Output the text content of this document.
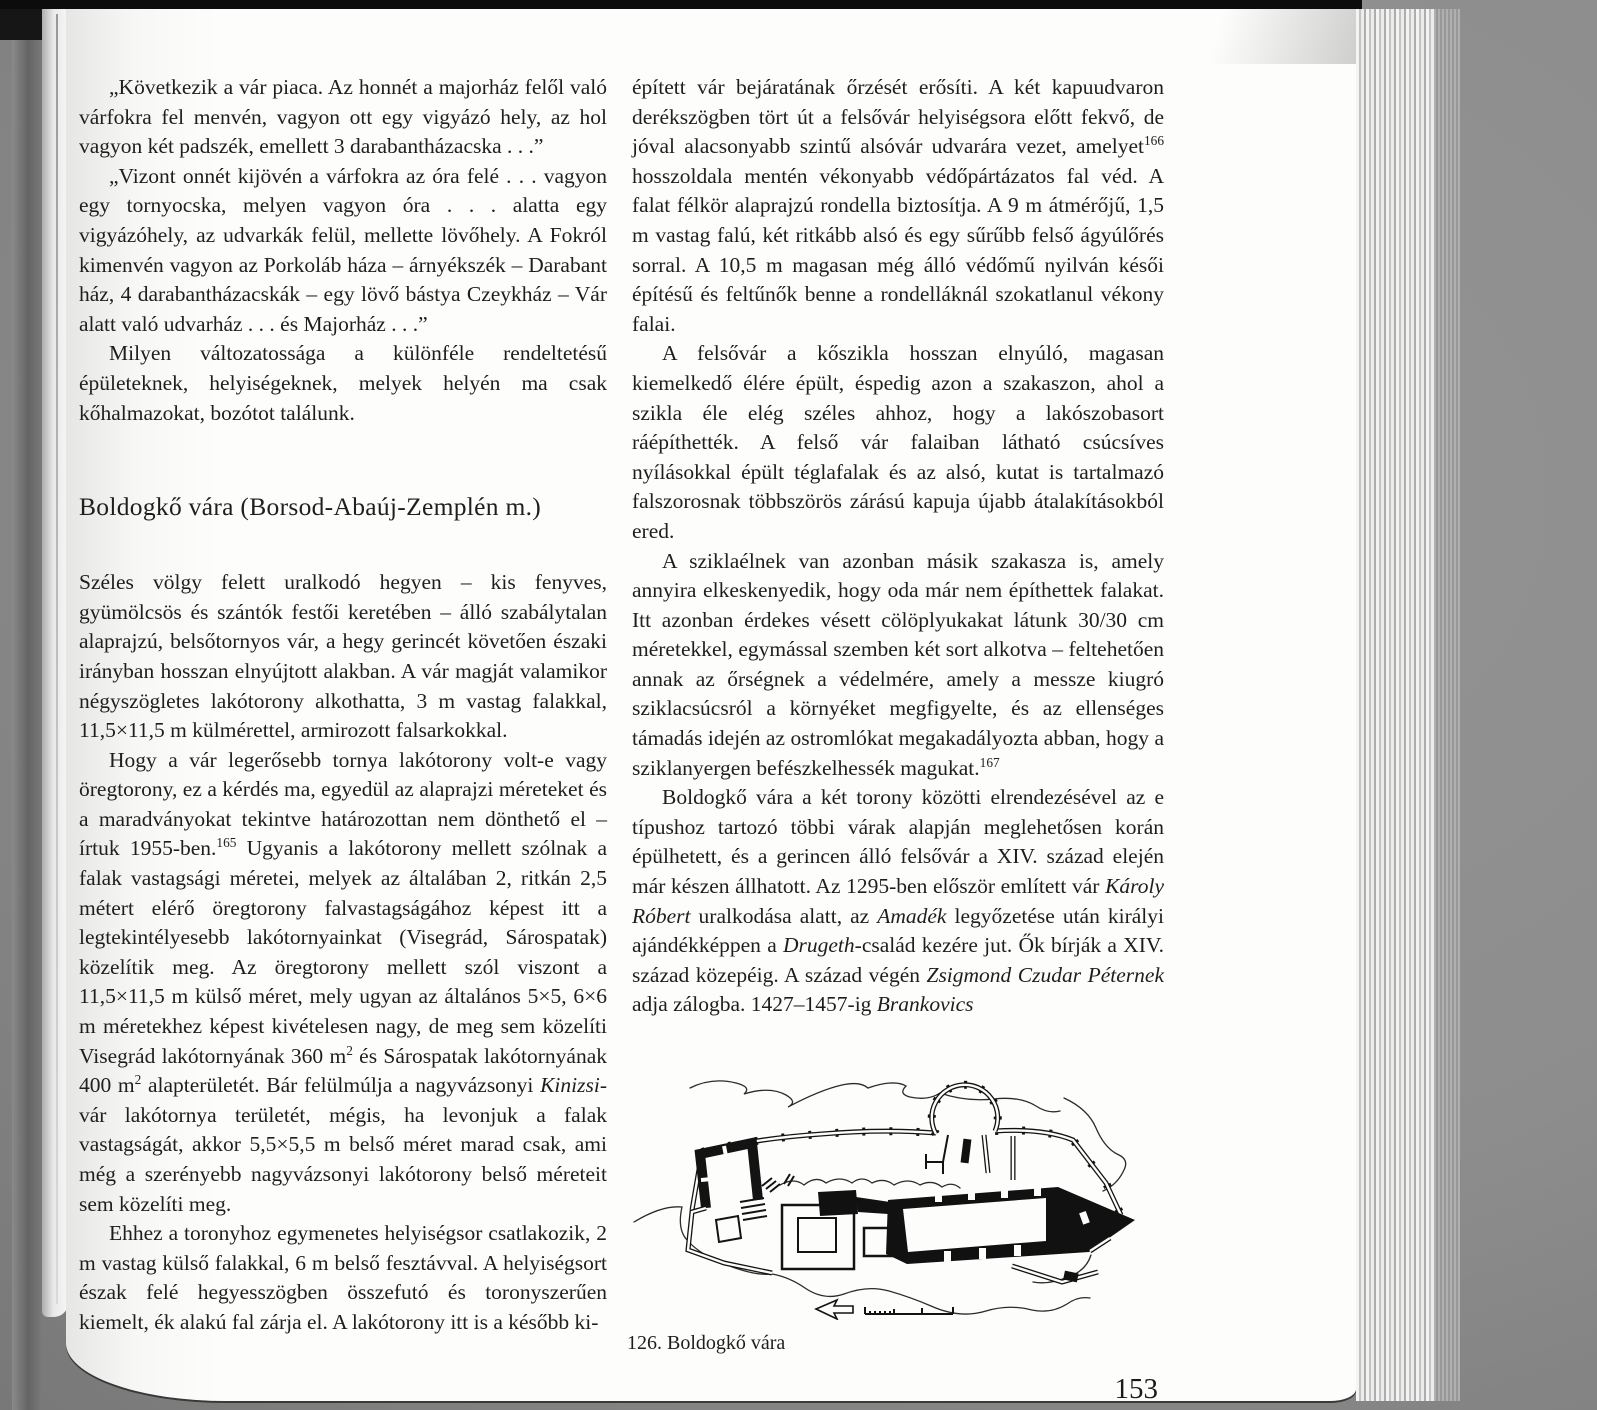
„Következik a vár piaca. Az honnét a majorház felől való várfokra fel menvén, vagyon ott egy vigyázó hely, az hol vagyon két padszék, emellett 3 darabantházacska . . .”

„Vizont onnét kijövén a várfokra az óra felé . . . vagyon egy tornyocska, melyen vagyon óra . . . alatta egy vigyázóhely, az udvarkák felül, mellette lövőhely. A Fokról kimenvén vagyon az Porkoláb háza – árnyékszék – Darabant ház, 4 darabantházacskák – egy lövő bástya Czeykház – Vár alatt való udvarház . . . és Majorház . . .”

Milyen változatossága a különféle rendeltetésű épületeknek, helyiségeknek, melyek helyén ma csak kőhalmazokat, bozótot találunk.

Boldogkő vára (Borsod-Abaúj-Zemplén m.)

Széles völgy felett uralkodó hegyen – kis fenyves, gyümölcsös és szántók festői keretében – álló szabálytalan alaprajzú, belsőtornyos vár, a hegy gerincét követően északi irányban hosszan elnyújtott alakban. A vár magját valamikor négyszögletes lakótorony alkothatta, 3 m vastag falakkal, 11,5×11,5 m külmérettel, armirozott falsarkokkal.

Hogy a vár legerősebb tornya lakótorony volt-e vagy öregtorony, ez a kérdés ma, egyedül az alaprajzi méreteket és a maradványokat tekintve határozottan nem dönthető el – írtuk 1955-ben.$^{165}$ Ugyanis a lakótorony mellett szólnak a falak vastagsági méretei, melyek az általában 2, ritkán 2,5 métert elérő öregtorony falvastagságához képest itt a legtekintélyesebb lakótornyainkat (Visegrád, Sárospatak) közelítik meg. Az öregtorony mellett szól viszont a 11,5×11,5 m külső méret, mely ugyan az általános 5×5, 6×6 m méretekhez képest kivételesen nagy, de meg sem közelíti Visegrád lakótornyának 360 $m^2$ és Sárospatak lakótornyának 400 $m^2$ alapterületét. Bár felülmúlja a nagyvázsonyi Kinizsi-vár lakótornya területét, mégis, ha levonjuk a falak vastagságát, akkor 5,5×5,5 m belső méret marad csak, ami még a szerényebb nagyvázsonyi lakótorony belső méreteit sem közelíti meg.

Ehhez a toronyhoz egymenetes helyiségsor csatlakozik, 2 m vastag külső falakkal, 6 m belső fesztávval. A helyiségsort észak felé hegyesszögben összefutó és toronyszerűen kiemelt, ék alakú fal zárja el. A lakótorony itt is a később ki-

épített vár bejáratának őrzését erősíti. A két kapuudvaron derékszögben tört út a felsővár helyiségsora előtt fekvő, de jóval alacsonyabb szintű alsóvár udvarára vezet, amelyet$^{166}$ hosszoldala mentén vékonyabb védőpártázatos fal véd. A falat félkör alaprajzú rondella biztosítja. A 9 m átmérőjű, 1,5 m vastag falú, két ritkább alsó és egy sűrűbb felső ágyúlőrés sorral. A 10,5 m magasan még álló védőmű nyilván késői építésű és feltűnők benne a rondelláknál szokatlanul vékony falai.

A felsővár a kőszikla hosszan elnyúló, magasan kiemelkedő élére épült, éspedig azon a szakaszon, ahol a szikla éle elég széles ahhoz, hogy a lakószobasort ráépíthették. A felső vár falaiban látható csúcsíves nyílásokkal épült téglafalak és az alsó, kutat is tartalmazó falszorosnak többszörös zárású kapuja újabb átalakításokból ered.

A sziklaélnek van azonban másik szakasza is, amely annyira elkeskenyedik, hogy oda már nem építhettek falakat. Itt azonban érdekes vésett cölöplyukakat látunk 30/30 cm méretekkel, egymással szemben két sort alkotva – feltehetően annak az őrségnek a védelmére, amely a messze kiugró sziklacsúcsról a környéket megfigyelte, és az ellenséges támadás idején az ostromlókat megakadályozta abban, hogy a sziklanyergen befészkelhessék magukat.$^{167}$

Boldogkő vára a két torony közötti elrendezésével az e típushoz tartozó többi várak alapján meglehetősen korán épülhetett, és a gerincen álló felsővár a XIV. század elején már készen állhatott. Az 1295-ben először említett vár Károly Róbert uralkodása alatt, az Amadék legyőzetése után királyi ajándékképpen a Drugeth-család kezére jut. Ők bírják a XIV. század közepéig. A század végén Zsigmond Czudar Péternek adja zálogba. 1427–1457-ig Brankovics

126. Boldogkő vára
153
